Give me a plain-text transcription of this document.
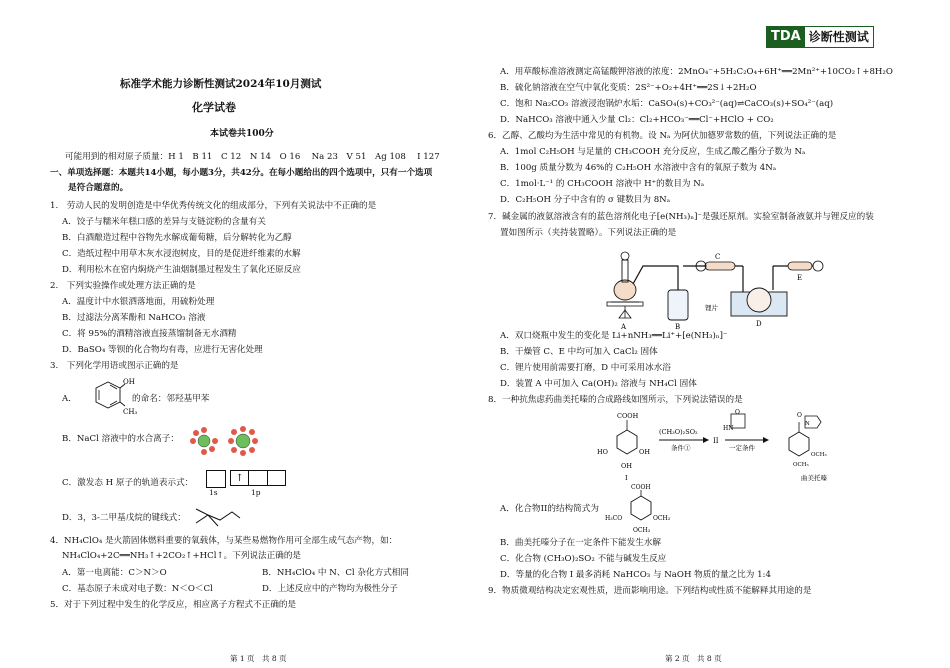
TDA 诊断性测试
标准学术能力诊断性测试2024年10月测试
化学试卷
本试卷共100分
可能用到的相对原子质量：H 1　B 11　C 12　N 14　O 16　 Na 23　V 51　Ag 108　 I 127
一、单项选择题：本题共14小题，每小题3分，共42分。在每小题给出的四个选项中，只有一个选项
是符合题意的。
1.　劳动人民的发明创造是中华优秀传统文化的组成部分，下列有关说法中不正确的是
A．饺子与糯米年糕口感的差异与支链淀粉的含量有关
B．白酒酿造过程中谷物先水解成葡萄糖，后分解转化为乙醇
C．造纸过程中用草木灰水浸泡树皮，目的是促进纤维素的水解
D．利用松木在窑内焖烧产生油烟制墨过程发生了氧化还原反应
2.　下列实验操作或处理方法正确的是
A．温度计中水银洒落地面，用硫粉处理
B．过滤法分离苯酚和 NaHCO₃ 溶液
C．将 95%的酒精溶液直接蒸馏制备无水酒精
D．BaSO₄ 等钡的化合物均有毒，应进行无害化处理
3.　下列化学用语或图示正确的是
A．
OH
CH₃
的命名：邻羟基甲苯
B．NaCl 溶液中的水合离子：
C．激发态 H 原子的轨道表示式：	↑
1s	1p
D．3，3-二甲基戊烷的键线式：
4．NH₄ClO₄ 是火箭固体燃料重要的氧载体，与某些易燃物作用可全部生成气态产物，如：
NH₄ClO₄+2C══NH₃↑+2CO₂↑+HCl↑。下列说法正确的是
A．第一电离能：C＞N＞O	B．NH₄ClO₄ 中 N、Cl 杂化方式相同
C．基态原子未成对电子数：N＜O＜Cl	D．上述反应中的产物均为极性分子
5．对于下列过程中发生的化学反应，相应离子方程式不正确的是
第 1 页　共 8 页
A．用草酸标准溶液测定高锰酸钾溶液的浓度：2MnO₄⁻+5H₂C₂O₄+6H⁺══2Mn²⁺+10CO₂↑+8H₂O
B．硫化钠溶液在空气中氧化变质：2S²⁻+O₂+4H⁺══2S↓+2H₂O
C．饱和 Na₂CO₃ 溶液浸泡锅炉水垢：CaSO₄(s)+CO₃²⁻(aq)⇌CaCO₃(s)+SO₄²⁻(aq)
D．NaHCO₃ 溶液中通入少量 Cl₂：Cl₂+HCO₃⁻══Cl⁻+HClO + CO₂
6．乙醇、乙酸均为生活中常见的有机物。设 Nₐ 为阿伏加德罗常数的值，下列说法正确的是
A．1mol C₂H₅OH 与足量的 CH₃COOH 充分反应，生成乙酸乙酯分子数为 Nₐ
B．100g 质量分数为 46%的 C₂H₅OH 水溶液中含有的氧原子数为 4Nₐ
C．1mol·L⁻¹ 的 CH₃COOH 溶液中 H⁺的数目为 Nₐ
D．C₂H₅OH 分子中含有的 σ 键数目为 8Nₐ
7．碱金属的液氨溶液含有的蓝色溶剂化电子[e(NH₃)ₙ]⁻是强还原剂。实验室制备液氨并与锂反应的装
置如图所示（夹持装置略）。下列说法正确的是
A	B
C
D
E
锂片
A．双口烧瓶中发生的变化是 Li+nNH₃══Li⁺+[e(NH₃)ₙ]⁻
B．干燥管 C、E 中均可加入 CaCl₂ 固体
C．锂片使用前需要打磨，D 中可采用冰水浴
D．装置 A 中可加入 Ca(OH)₂ 溶液与 NH₄Cl 固体
8．一种抗焦虑药曲美托嗪的合成路线如图所示，下列说法错误的是
COOH
HO	OH
OH
I
(CH₃O)₂SO₂
条件①
II
O
HN
一定条件
O
N
OCH₃
OCH₃
曲美托嗪
A．化合物II的结构简式为
COOH
H₃CO	OCH₃
OCH₃
B．曲美托嗪分子在一定条件下能发生水解
C．化合物 (CH₃O)₂SO₂ 不能与碱发生反应
D．等量的化合物 I 最多消耗 NaHCO₃ 与 NaOH 物质的量之比为 1:4
9．物质微观结构决定宏观性质，进而影响用途。下列结构或性质不能解释其用途的是
第 2 页　共 8 页
